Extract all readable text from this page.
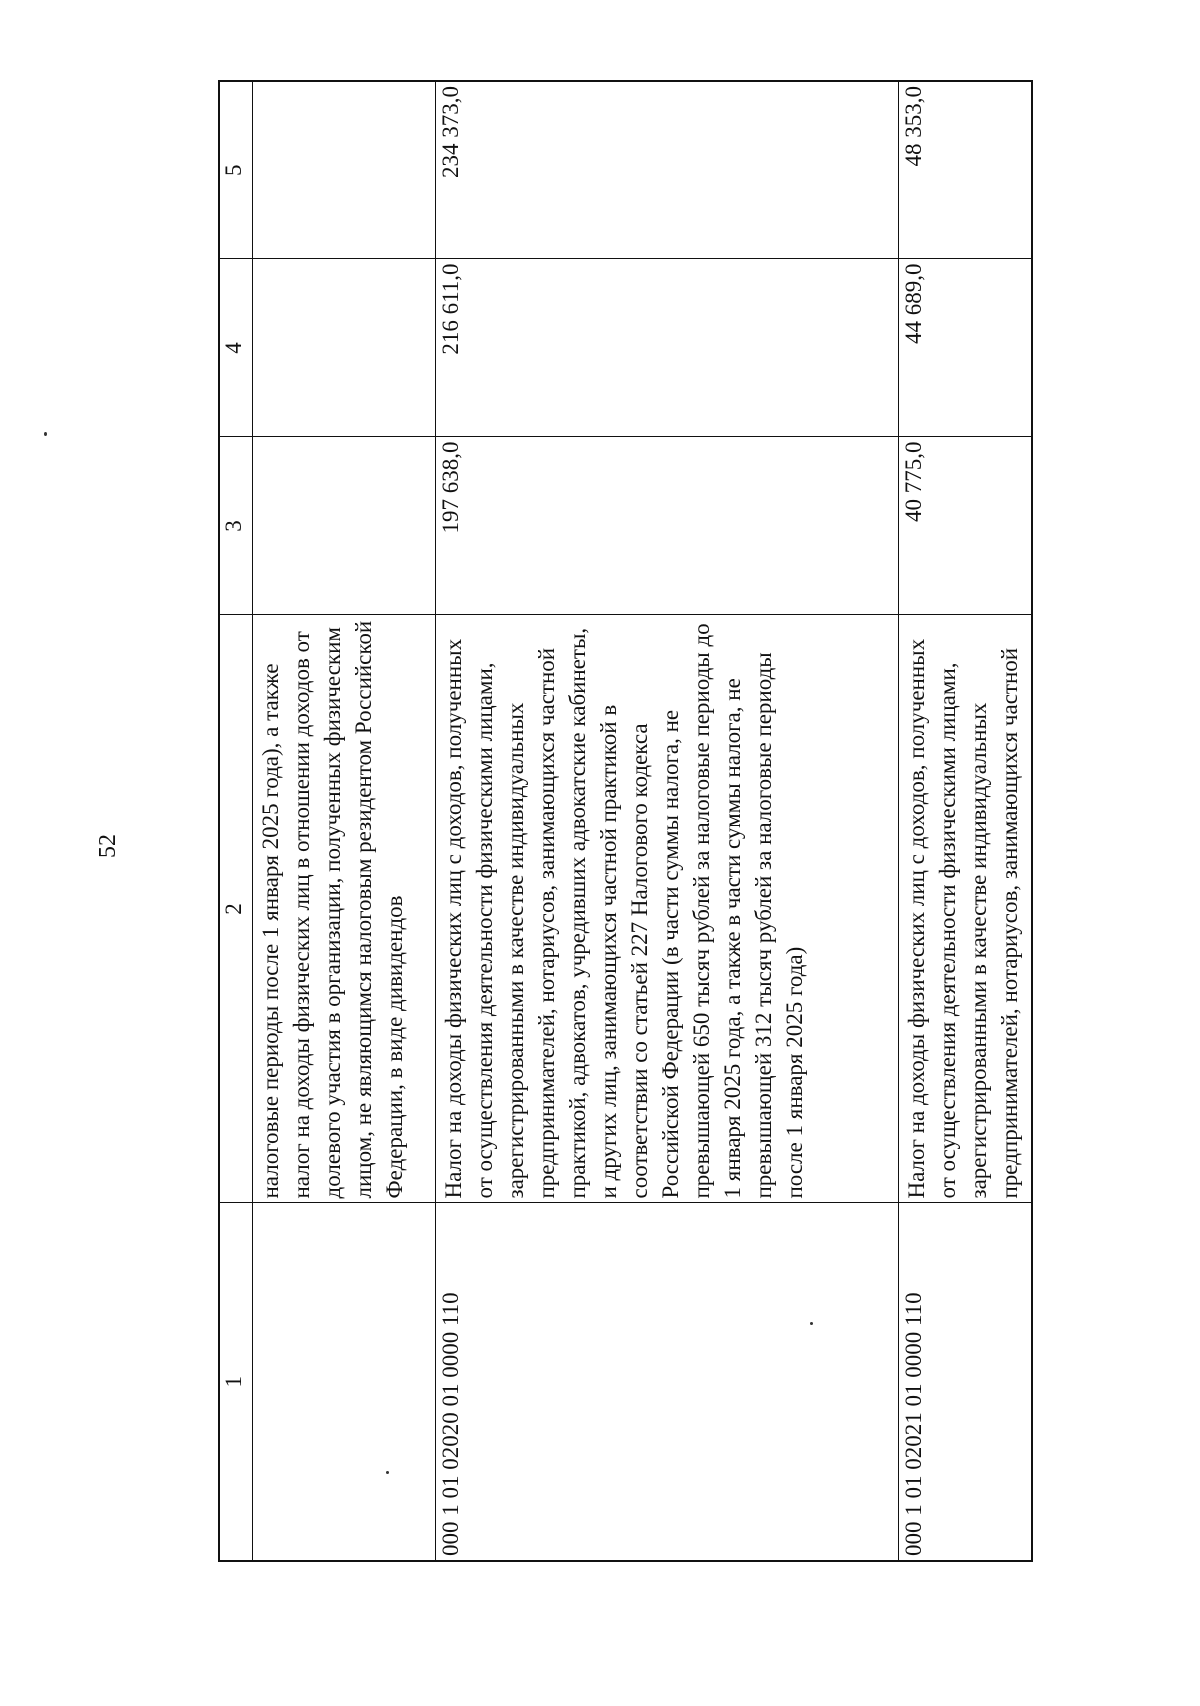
52
1	2	3	4	5
	налоговые периоды после 1 января 2025 года), а также налог на доходы физических лиц в отношении доходов от долевого участия в организации, полученных физическим лицом, не являющимся налоговым резидентом Российской Федерации, в виде дивидендов			
000 1 01 02020 01 0000 110	Налог на доходы физических лиц с доходов, полученных от осуществления деятельности физическими лицами, зарегистрированными в качестве индивидуальных предпринимателей, нотариусов, занимающихся частной практикой, адвокатов, учредивших адвокатские кабинеты, и других лиц, занимающихся частной практикой в соответствии со статьей 227 Налогового кодекса Российской Федерации (в части суммы налога, не превышающей 650 тысяч рублей за налоговые периоды до 1 января 2025 года, а также в части суммы налога, не превышающей 312 тысяч рублей за налоговые периоды после 1 января 2025 года)	197 638,0	216 611,0	234 373,0
000 1 01 02021 01 0000 110	Налог на доходы физических лиц с доходов, полученных от осуществления деятельности физическими лицами, зарегистрированными в качестве индивидуальных предпринимателей, нотариусов, занимающихся частной	40 775,0	44 689,0	48 353,0
